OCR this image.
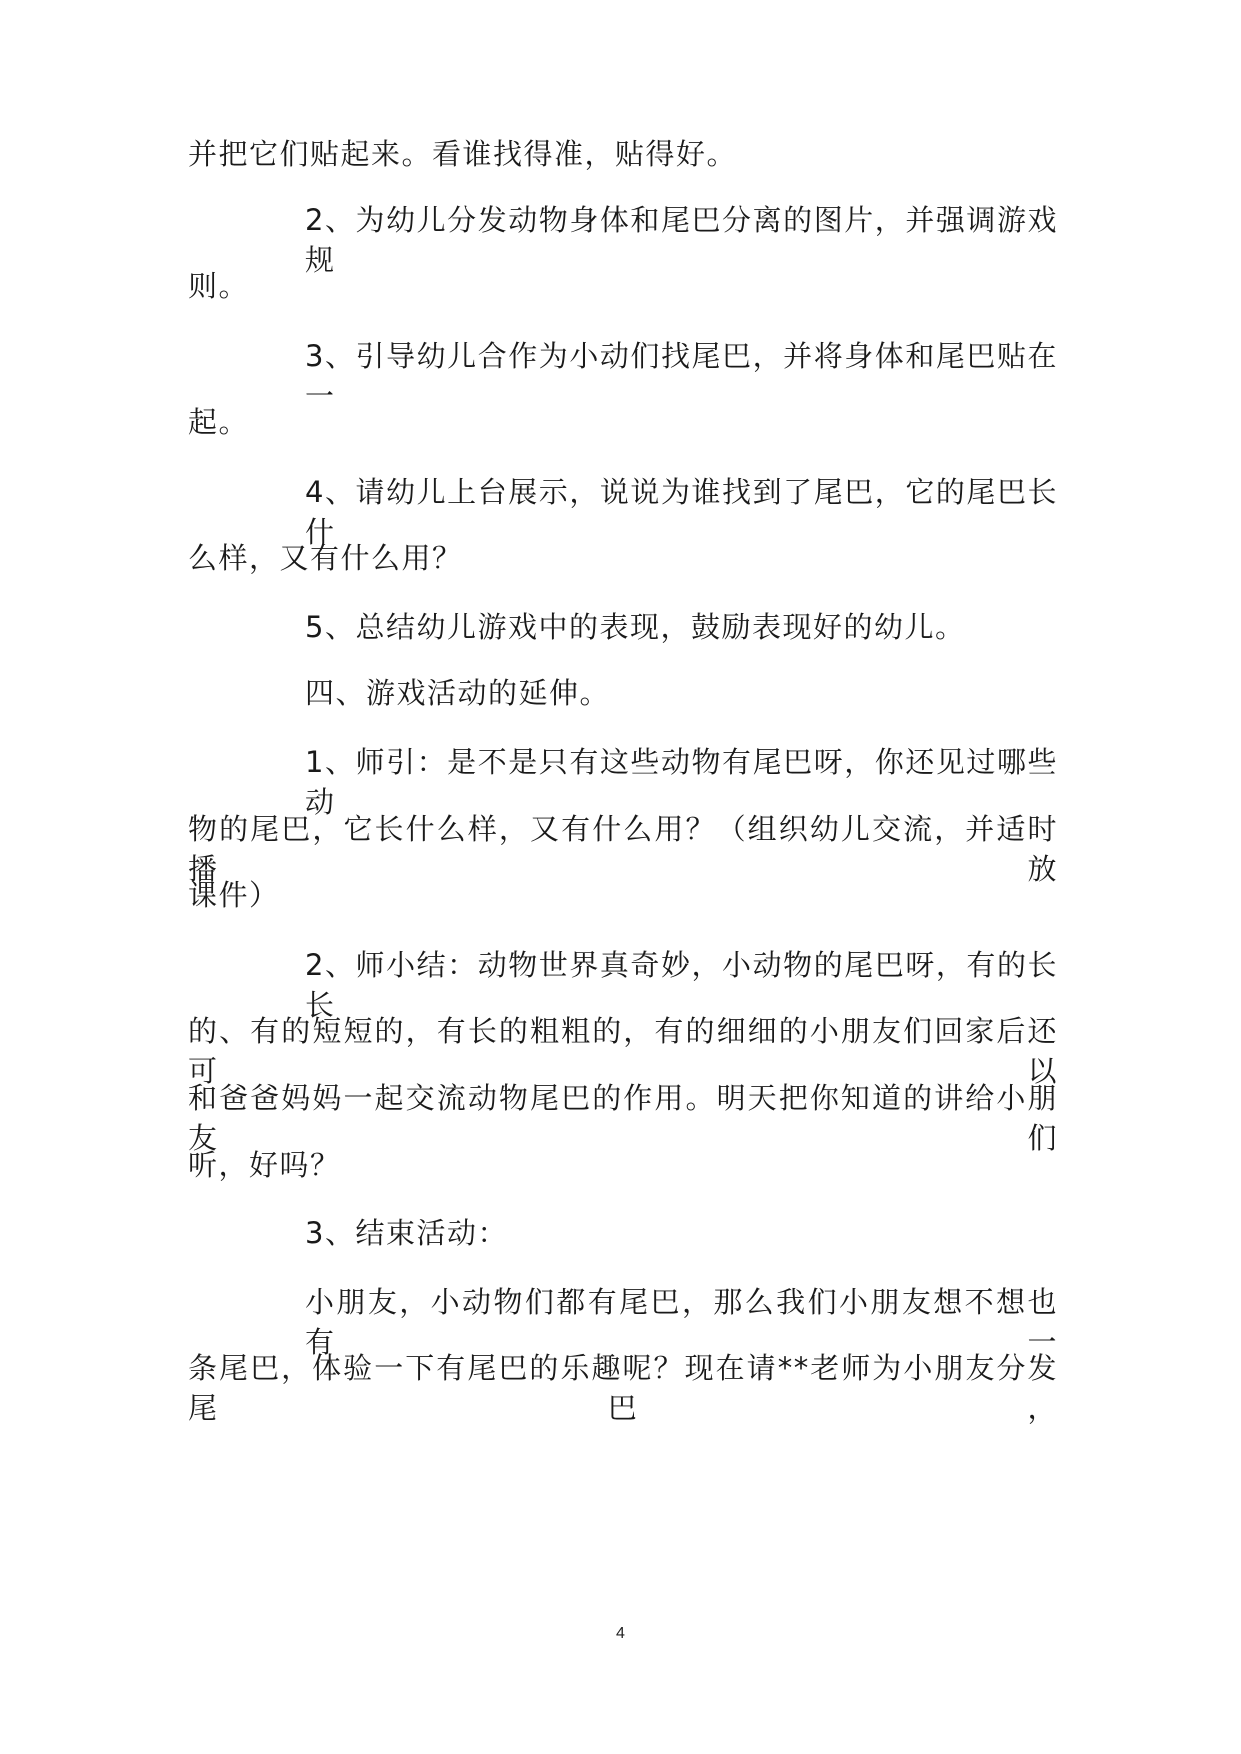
并把它们贴起来。看谁找得准，贴得好。

2、为幼儿分发动物身体和尾巴分离的图片，并强调游戏规

则。

3、引导幼儿合作为小动们找尾巴，并将身体和尾巴贴在一

起。

4、请幼儿上台展示，说说为谁找到了尾巴，它的尾巴长什

么样，又有什么用？

5、总结幼儿游戏中的表现，鼓励表现好的幼儿。

四、游戏活动的延伸。

1、师引：是不是只有这些动物有尾巴呀，你还见过哪些动

物的尾巴，它长什么样，又有什么用？（组织幼儿交流，并适时播放

课件）

2、师小结：动物世界真奇妙，小动物的尾巴呀，有的长长

的、有的短短的，有长的粗粗的，有的细细的小朋友们回家后还可以

和爸爸妈妈一起交流动物尾巴的作用。明天把你知道的讲给小朋友们

听，好吗？

3、结束活动：

小朋友，小动物们都有尾巴，那么我们小朋友想不想也有一

条尾巴，体验一下有尾巴的乐趣呢？现在请**老师为小朋友分发尾巴，

4
